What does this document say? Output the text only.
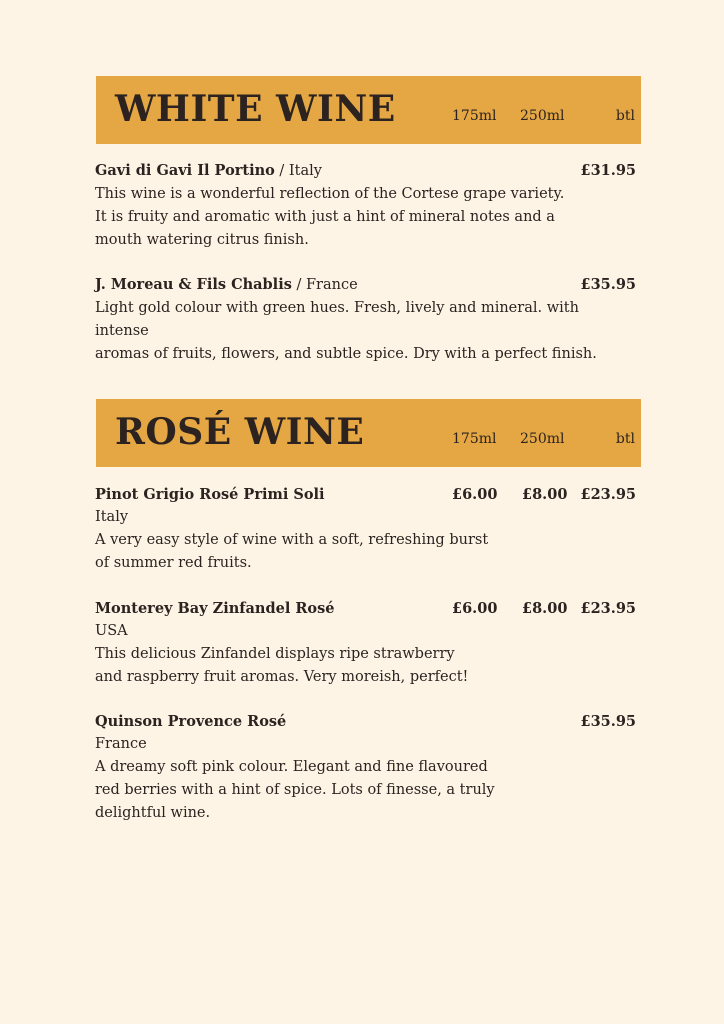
WHITE WINE	175ml 250ml	btl
Gavi di Gavi Il Portino / Italy	£31.95
This wine is a wonderful reflection of the Cortese grape variety.
It is fruity and aromatic with just a hint of mineral notes and a
mouth watering citrus finish.
J. Moreau & Fils Chablis / France	£35.95
Light gold colour with green hues. Fresh, lively and mineral. with
intense
aromas of fruits, flowers, and subtle spice. Dry with a perfect finish.
ROSÉ WINE	175ml 250ml	btl
Pinot Grigio Rosé Primi Soli	£6.00 £8.00 £23.95
Italy
A very easy style of wine with a soft, refreshing burst
of summer red fruits.
Monterey Bay Zinfandel Rosé	£6.00 £8.00 £23.95
USA
This delicious Zinfandel displays ripe strawberry
and raspberry fruit aromas. Very moreish, perfect!
Quinson Provence Rosé	£35.95
France
A dreamy soft pink colour. Elegant and fine flavoured
red berries with a hint of spice. Lots of finesse, a truly
delightful wine.
